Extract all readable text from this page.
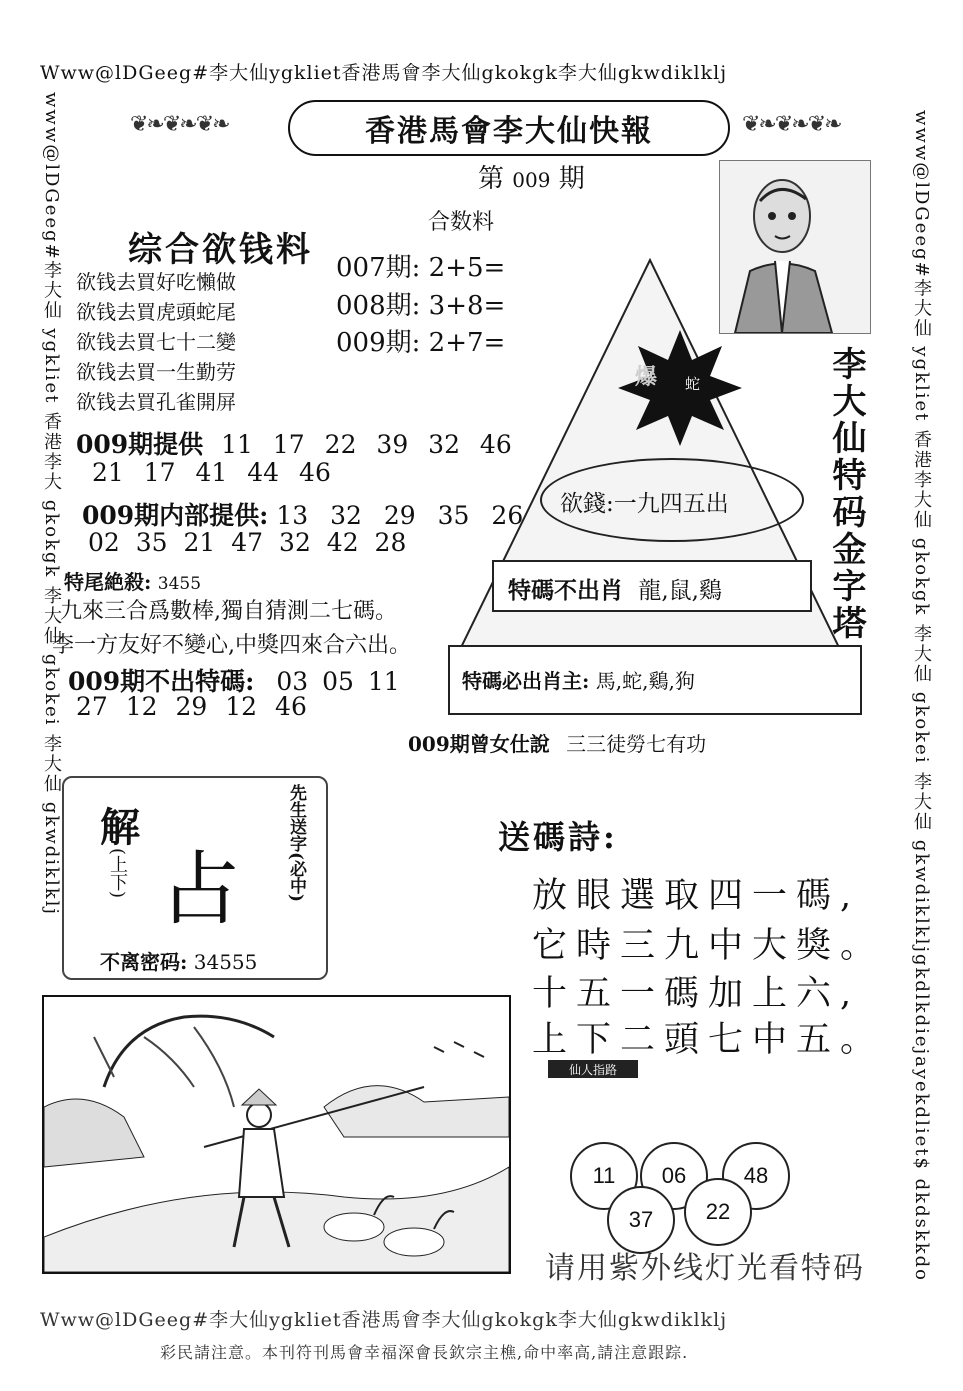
Www@lDGeeg#李大仙ygkliet香港馬會李大仙gkokgk李大仙gkwdiklklj
www@lDGeeg#李大仙 ygkliet 香港李大 gkokgk 李大仙 gkokei 李大仙 gkwdiklklj	www@lDGeeg#李大仙 ygkliet 香港李大仙 gkokgk 李大仙 gkokei 李大仙 gkwdiklkljgkdlkdiejayekdliet$ dkdskkdo
❦❧❦❧❦❧	香港馬會李大仙快報	❦❧❦❧❦❧
第 009 期
合数料
007期: 2+5=
008期: 3+8=
009期: 2+7=
综合欲钱料
欲钱去買好吃懶做
欲钱去買虎頭蛇尾
欲钱去買七十二變
欲钱去買一生勤劳
欲钱去買孔雀開屏
009期提供 11 17 22 39 32 46
21 17 41 44 46
009期内部提供: 13 32 29 35 26
02 35 21 47 32 42 28
特尾絶殺: 3455
九來三合爲數棒,獨自猜測二七碼。
李一方友好不變心,中獎四來合六出。
009期不出特碼: 03 05 11
27 12 29 12 46
爆 蛇	李大仙特码金字塔
欲錢:一九四五出
特碼不出肖 龍,鼠,鷄
特碼必出肖主: 馬,蛇,鷄,狗
009期曾女仕說 三三徒勞七有功
解
(上下) 占	先生送字(必中)
不离密码: 34555
送碼詩:
放眼選取四一碼,
它時三九中大獎。
十五一碼加上六,
上下二頭七中五。
仙人指路
11	06	48
37	22
请用紫外线灯光看特码
Www@lDGeeg#李大仙ygkliet香港馬會李大仙gkokgk李大仙gkwdiklklj
彩民請注意。本刊符刊馬會幸福深會長欽宗主樵,命中率高,請注意跟踪.
